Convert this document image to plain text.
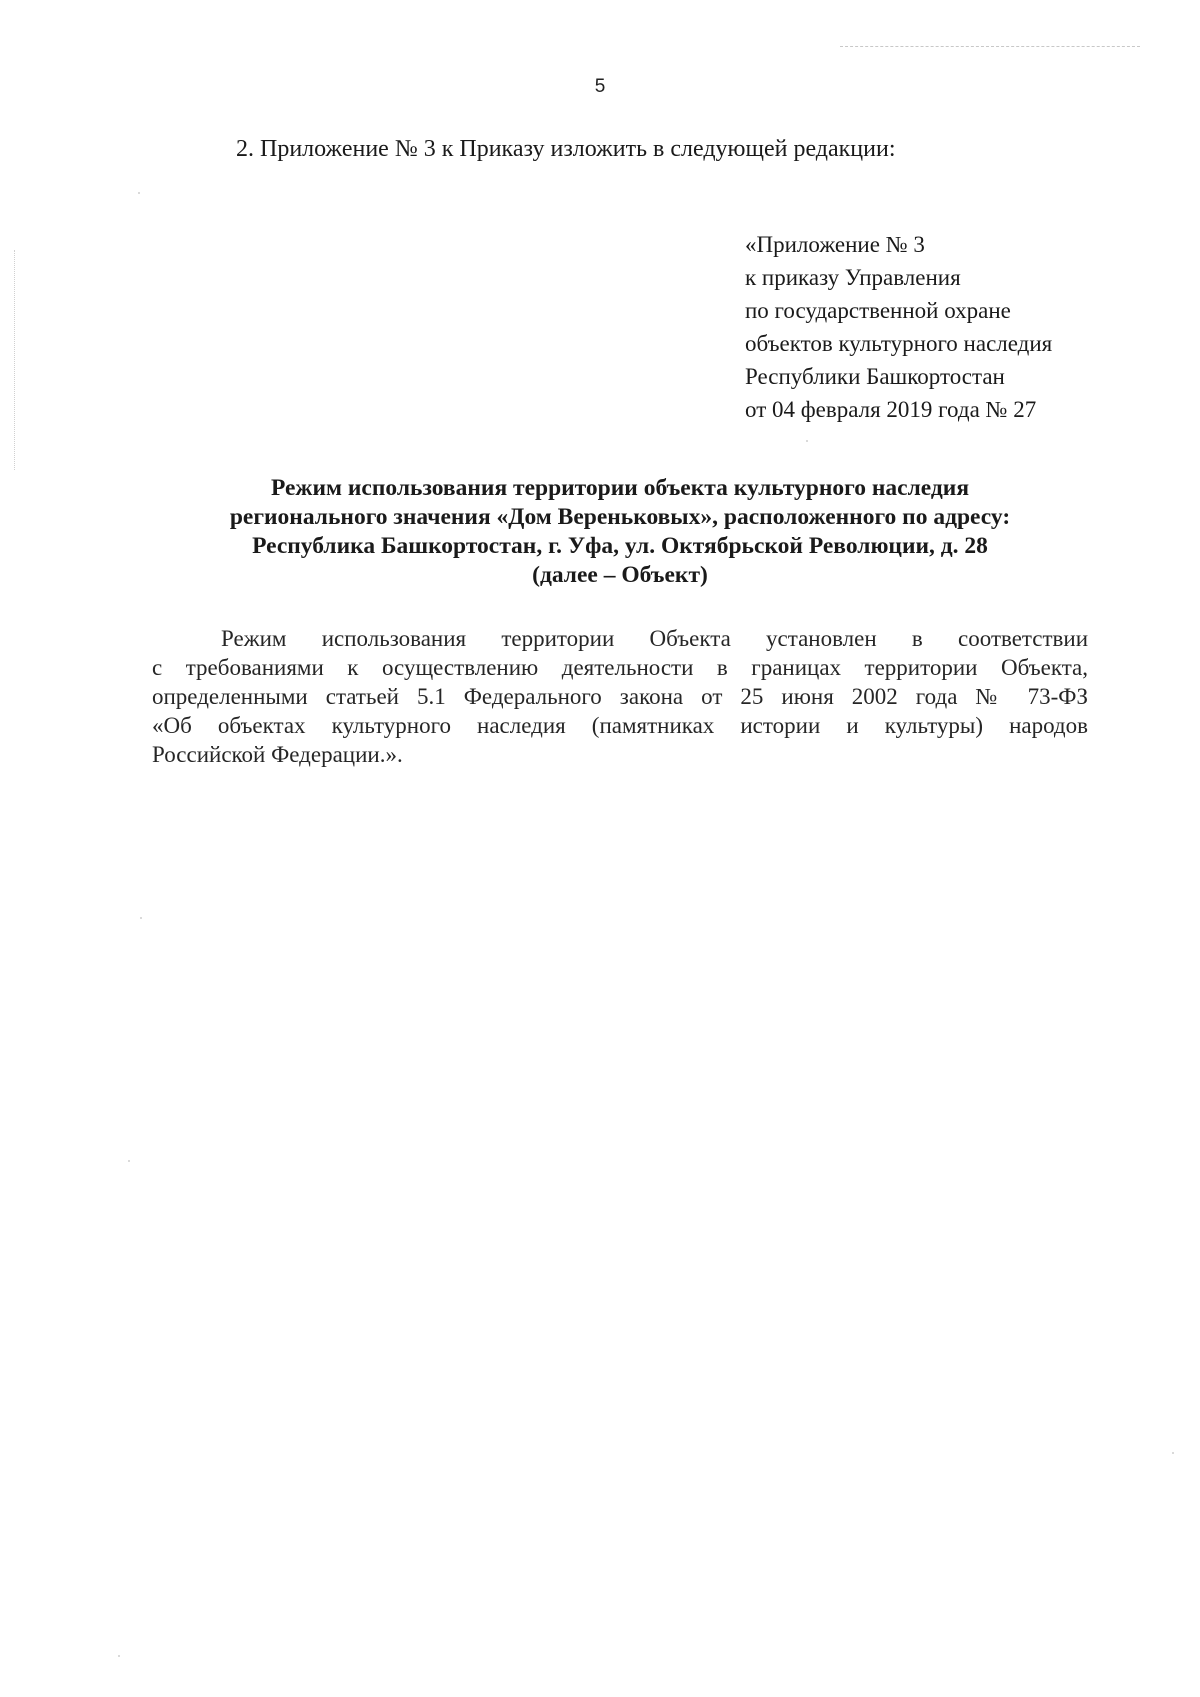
5
2. Приложение № 3 к Приказу изложить в следующей редакции:
«Приложение № 3
к приказу Управления
по государственной охране
объектов культурного наследия
Республики Башкортостан
от 04 февраля 2019 года № 27
Режим использования территории объекта культурного наследия
регионального значения «Дом Вереньковых», расположенного по адресу:
Республика Башкортостан, г. Уфа, ул. Октябрьской Революции, д. 28
(далее – Объект)
Режим использования территории Объекта установлен в соответствии
с требованиями к осуществлению деятельности в границах территории Объекта,
определенными статьей 5.1 Федерального закона от 25 июня 2002 года № 73-ФЗ
«Об объектах культурного наследия (памятниках истории и культуры) народов
Российской Федерации.».
